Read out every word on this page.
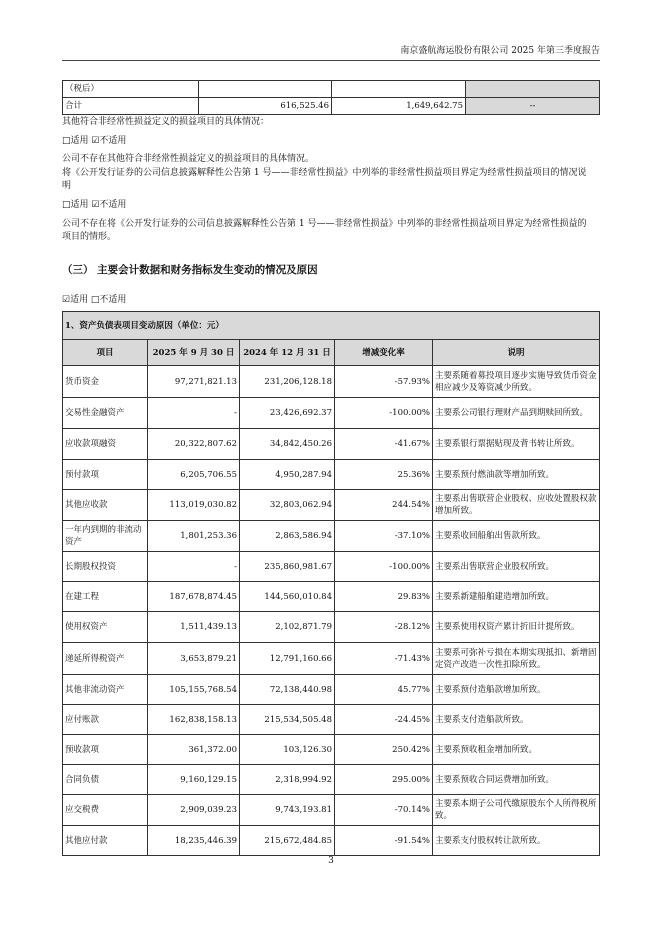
南京盛航海运股份有限公司 2025 年第三季度报告
（税后）			
合计	616,525.46	1,649,642.75	--

其他符合非经常性损益定义的损益项目的具体情况：

□适用 ☑不适用

公司不存在其他符合非经常性损益定义的损益项目的具体情况。

将《公开发行证券的公司信息披露解释性公告第 1 号——非经常性损益》中列举的非经常性损益项目界定为经常性损益项目的情况说明

□适用 ☑不适用

公司不存在将《公开发行证券的公司信息披露解释性公告第 1 号——非经常性损益》中列举的非经常性损益项目界定为经常性损益的项目的情形。

（三） 主要会计数据和财务指标发生变动的情况及原因

☑适用 □不适用

1、资产负债表项目变动原因（单位：元）				
项目	2025 年 9 月 30 日	2024 年 12 月 31 日	增减变化率	说明
货币资金	97,271,821.13	231,206,128.18	-57.93%	主要系随着募投项目逐步实施导致货币资金相应减少及筹资减少所致。
交易性金融资产	-	23,426,692.37	-100.00%	主要系公司银行理财产品到期赎回所致。
应收款项融资	20,322,807.62	34,842,450.26	-41.67%	主要系银行票据贴现及背书转让所致。
预付款项	6,205,706.55	4,950,287.94	25.36%	主要系预付燃油款等增加所致。
其他应收款	113,019,030.82	32,803,062.94	244.54%	主要系出售联营企业股权、应收处置股权款增加所致。
一年内到期的非流动资产	1,801,253.36	2,863,586.94	-37.10%	主要系收回船舶出售款所致。
长期股权投资	-	235,860,981.67	-100.00%	主要系出售联营企业股权所致。
在建工程	187,678,874.45	144,560,010.84	29.83%	主要系新建船舶建造增加所致。
使用权资产	1,511,439.13	2,102,871.79	-28.12%	主要系使用权资产累计折旧计提所致。
递延所得税资产	3,653,879.21	12,791,160.66	-71.43%	主要系可弥补亏损在本期实现抵扣、新增固定资产改造一次性扣除所致。
其他非流动资产	105,155,768.54	72,138,440.98	45.77%	主要系预付造船款增加所致。
应付账款	162,838,158.13	215,534,505.48	-24.45%	主要系支付造船款所致。
预收款项	361,372.00	103,126.30	250.42%	主要系预收租金增加所致。
合同负债	9,160,129.15	2,318,994.92	295.00%	主要系预收合同运费增加所致。
应交税费	2,909,039.23	9,743,193.81	-70.14%	主要系本期子公司代缴原股东个人所得税所致。
其他应付款	18,235,446.39	215,672,484.85	-91.54%	主要系支付股权转让款所致。
3
